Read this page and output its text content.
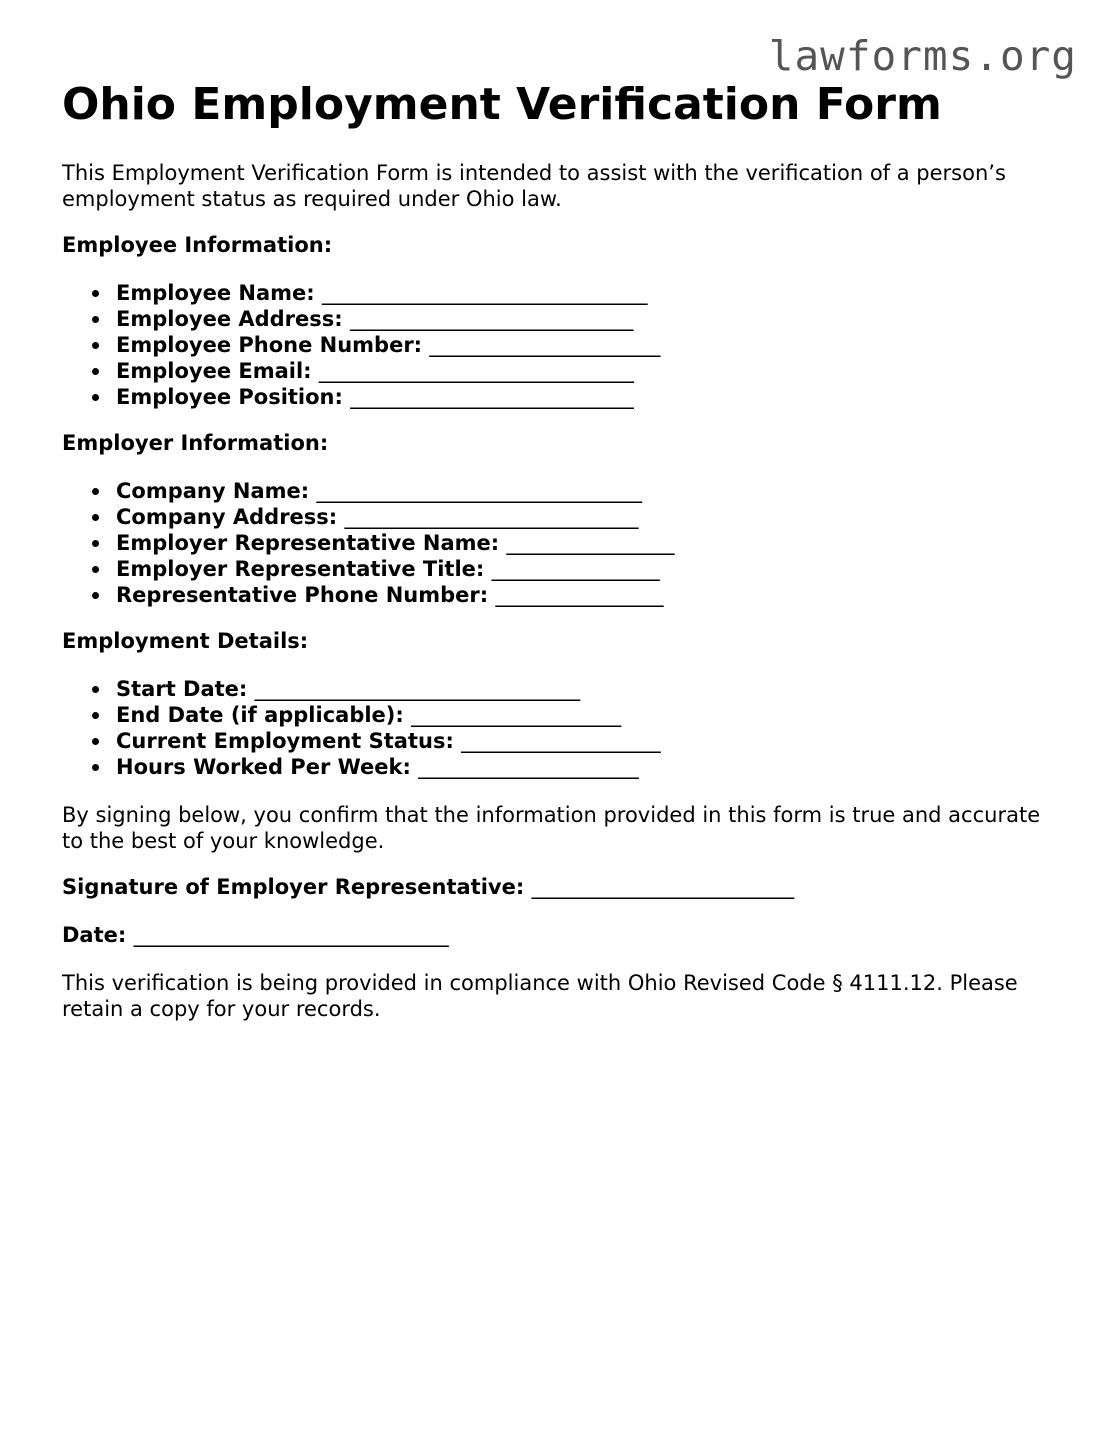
lawforms.org
Ohio Employment Verification Form

This Employment Verification Form is intended to assist with the verification of a person’s employment status as required under Ohio law.

Employee Information:
Employee Name: _______________________________
Employee Address: ___________________________
Employee Phone Number: ______________________
Employee Email: ______________________________
Employee Position: ___________________________
Employer Information:
Company Name: _______________________________
Company Address: ____________________________
Employer Representative Name: ________________
Employer Representative Title: ________________
Representative Phone Number: ________________
Employment Details:
Start Date: _______________________________
End Date (if applicable): ____________________
Current Employment Status: ___________________
Hours Worked Per Week: _____________________

By signing below, you confirm that the information provided in this form is true and accurate to the best of your knowledge.

Signature of Employer Representative: _________________________

Date: ______________________________

This verification is being provided in compliance with Ohio Revised Code § 4111.12. Please retain a copy for your records.
